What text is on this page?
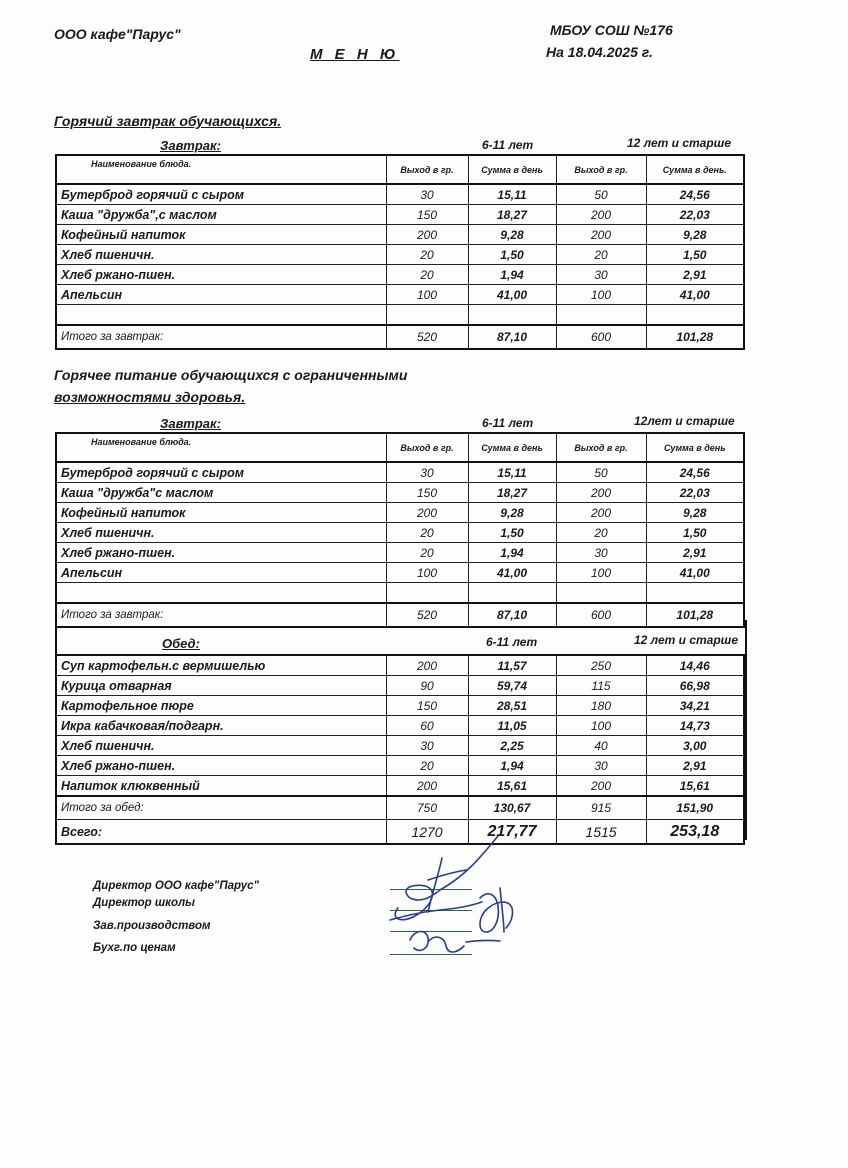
ООО кафе"Парус"	МБОУ СОШ №176
М Е Н Ю	На 18.04.2025 г.
Горячий завтрак обучающихся.
Завтрак:	6-11 лет	12 лет и старше
Наименование блюда.	Выход в гр.	Сумма в день	Выход в гр.	Сумма в день.
Бутерброд горячий с сыром	30	15,11	50	24,56
Каша "дружба",с маслом	150	18,27	200	22,03
Кофейный напиток	200	9,28	200	9,28
Хлеб пшеничн.	20	1,50	20	1,50
Хлеб ржано-пшен.	20	1,94	30	2,91
Апельсин	100	41,00	100	41,00

Итого за завтрак:	520	87,10	600	101,28
Горячее питание обучающихся с ограниченными
возможностями здоровья.
Завтрак:	6-11 лет	12лет и старше
Наименование блюда.	Выход в гр.	Сумма в день	Выход в гр.	Сумма в день
Бутерброд горячий с сыром	30	15,11	50	24,56
Каша "дружба"с маслом	150	18,27	200	22,03
Кофейный напиток	200	9,28	200	9,28
Хлеб пшеничн.	20	1,50	20	1,50
Хлеб ржано-пшен.	20	1,94	30	2,91
Апельсин	100	41,00	100	41,00

Итого за завтрак:	520	87,10	600	101,28
Обед:	6-11 лет	12 лет и старше
Суп картофельн.с вермишелью	200	11,57	250	14,46
Курица отварная	90	59,74	115	66,98
Картофельное пюре	150	28,51	180	34,21
Икра кабачковая/подгарн.	60	11,05	100	14,73
Хлеб пшеничн.	30	2,25	40	3,00
Хлеб ржано-пшен.	20	1,94	30	2,91
Напиток клюквенный	200	15,61	200	15,61
Итого за обед:	750	130,67	915	151,90
Всего:	1270	217,77	1515	253,18
Директор ООО кафе"Парус"
Директор школы
Зав.производством
Бухг.по ценам
